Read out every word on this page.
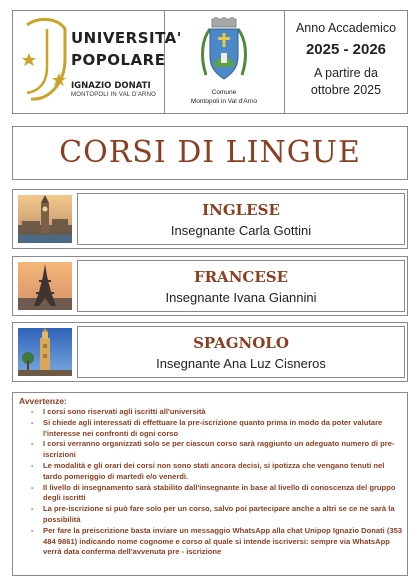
UNIVERSITA'
POPOLARE
IGNAZIO DONATI
MONTOPOLI IN VAL D'ARNO	Comune
Montopoli in Val d'Arno
Anno Accademico
2025 - 2026
A partire da
ottobre 2025
CORSI DI LINGUE
INGLESE
Insegnante Carla Gottini
FRANCESE
Insegnante Ivana Giannini
SPAGNOLO
Insegnante Ana Luz Cisneros
Avvertenze:
- I corsi sono riservati agli iscritti all'università
- Si chiede agli interessati di effettuare la pre-iscrizione quanto prima in modo da poter valutare l'interesse nei confronti di ogni corso
- I corsi verranno organizzati solo se per ciascun corso sarà raggiunto un adeguato numero di pre-iscrizioni
- Le modalità e gli orari dei corsi non sono stati ancora decisi, si ipotizza che vengano tenuti nel tardo pomeriggio di martedì e/o venerdì.
- Il livello di insegnamento sarà stabilito dall'insegnante in base al livello di conoscenza del gruppo degli iscritti
- La pre-iscrizione si può fare solo per un corso, salvo poi partecipare anche a altri se ce ne sarà la possibilità
- Per fare la preiscrizione basta inviare un messaggio WhatsApp alla chat Unipop Ignazio Donati (353 484 9861) indicando nome cognome e corso al quale si intende iscriversi: sempre via WhatsApp verrà data conferma dell'avvenuta pre - iscrizione
